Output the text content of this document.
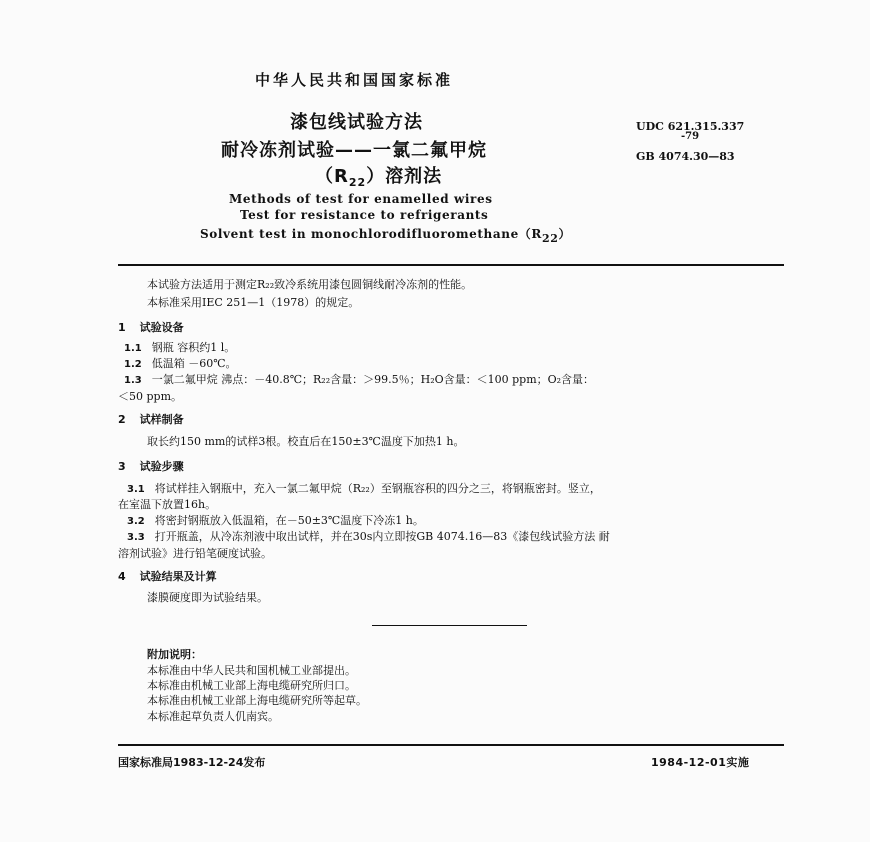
中华人民共和国国家标准
漆包线试验方法
耐冷冻剂试验——一氯二氟甲烷
$(R_{22})$溶剂法
Methods of test for enamelled wires
Test for resistance to refrigerants
Solvent test in monochlorodifluoromethane（R22）
UDC 621.315.337
-79
GB 4074.30—83
本试验方法适用于测定R₂₂致冷系统用漆包圆铜线耐冷冻剂的性能。
本标准采用IEC 251—1（1978）的规定。
1 试验设备
1.1 钢瓶 容积约1 l。
1.2 低温箱 －60℃。
1.3 一氯二氟甲烷 沸点：－40.8℃；R₂₂含量：＞99.5％；H₂O含量：＜100 ppm；O₂含量：
＜50 ppm。
2 试样制备
取长约150 mm的试样3根。校直后在150±3℃温度下加热1 h。
3 试验步骤
3.1 将试样挂入钢瓶中，充入一氯二氟甲烷（R₂₂）至钢瓶容积的四分之三，将钢瓶密封。竖立，
在室温下放置16h。
3.2 将密封钢瓶放入低温箱，在－50±3℃温度下冷冻1 h。
3.3 打开瓶盖，从冷冻剂液中取出试样，并在30s内立即按GB 4074.16—83《漆包线试验方法 耐
溶剂试验》进行铅笔硬度试验。
4 试验结果及计算
漆膜硬度即为试验结果。
附加说明：
本标准由中华人民共和国机械工业部提出。
本标准由机械工业部上海电缆研究所归口。
本标准由机械工业部上海电缆研究所等起草。
本标准起草负责人仉南宾。
国家标准局1983-12-24发布	1984-12-01实施
